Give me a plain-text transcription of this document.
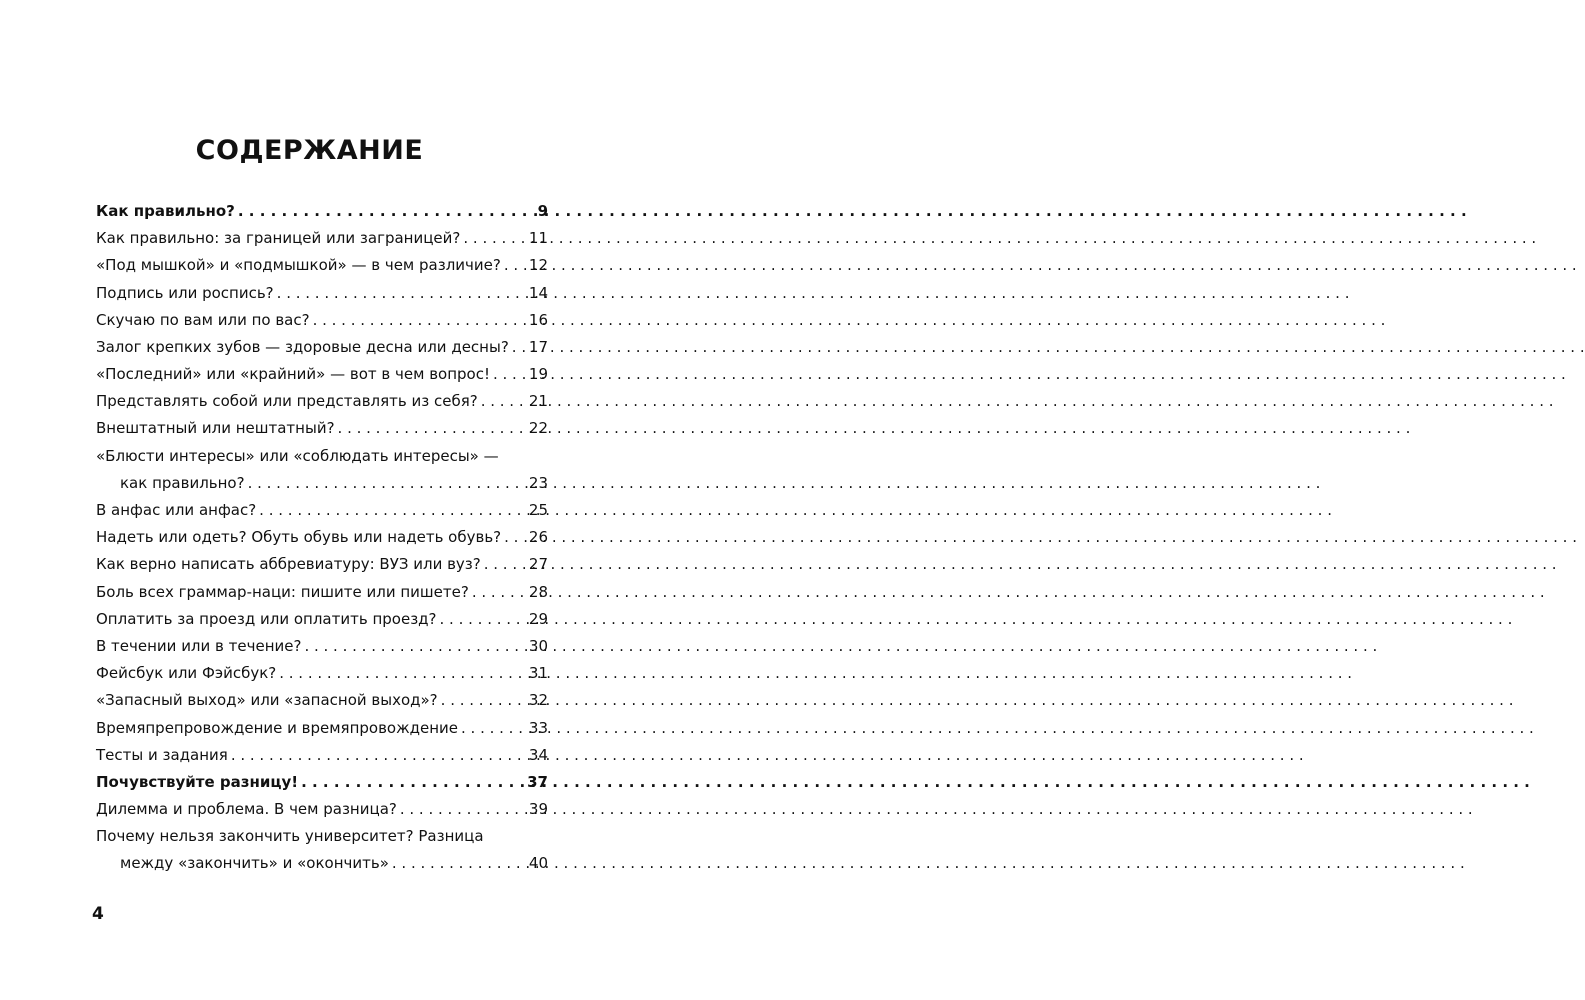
СОДЕРЖАНИЕ
Как правильно? . . .	9
Как правильно: за границей или заграницей? . . .	11
«Под мышкой» и «подмышкой» — в чем различие? . . .	12
Подпись или роспись? . . .	14
Скучаю по вам или по вас? . . .	16
Залог крепких зубов — здоровые десна или десны? . . .	17
«Последний» или «крайний» — вот в чем вопрос! . . .	19
Представлять собой или представлять из себя? . . .	21
Внештатный или нештатный? . . .	22
«Блюсти интересы» или «соблюдать интересы» —
как правильно? . . .	23
В анфас или анфас? . . .	25
Надеть или одеть? Обуть обувь или надеть обувь? . . .	26
Как верно написать аббревиатуру: ВУЗ или вуз? . . .	27
Боль всех граммар-наци: пишите или пишете? . . .	28
Оплатить за проезд или оплатить проезд? . . .	29
В течении или в течение? . . .	30
Фейсбук или Фэйсбук? . . .	31
«Запасный выход» или «запасной выход»? . . .	32
Времяпрепровождение и времяпровождение . . .	33
Тесты и задания . . .	34
Почувствуйте разницу! . . .	37
Дилемма и проблема. В чем разница? . . .	39
Почему нельзя закончить университет? Разница
между «закончить» и «окончить» . . .	40
4
